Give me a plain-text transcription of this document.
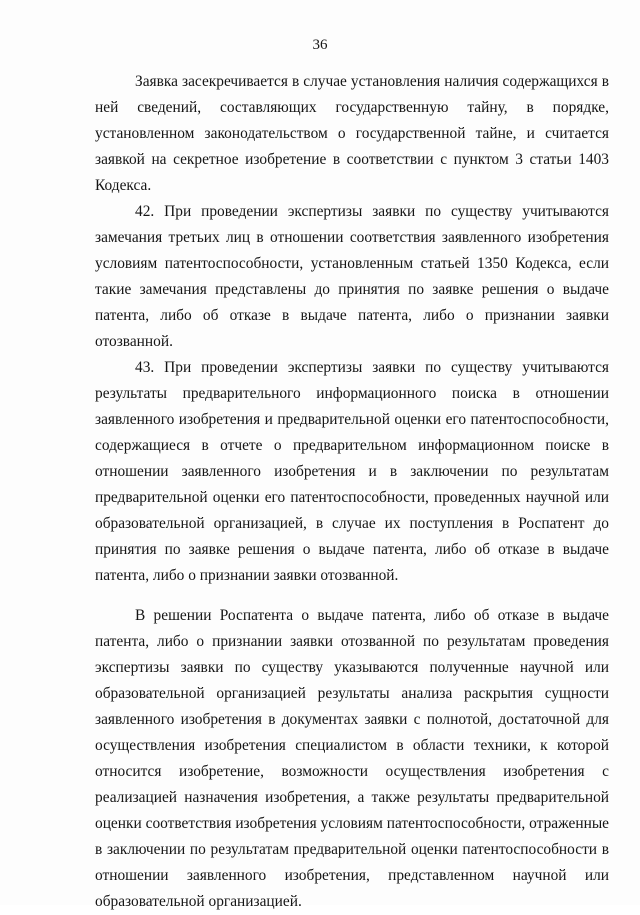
36

Заявка засекречивается в случае установления наличия содержащихся в ней сведений, составляющих государственную тайну, в порядке, установленном законодательством о государственной тайне, и считается заявкой на секретное изобретение в соответствии с пунктом 3 статьи 1403 Кодекса.

42. При проведении экспертизы заявки по существу учитываются замечания третьих лиц в отношении соответствия заявленного изобретения условиям патентоспособности, установленным статьей 1350 Кодекса, если такие замечания представлены до принятия по заявке решения о выдаче патента, либо об отказе в выдаче патента, либо о признании заявки отозванной.

43. При проведении экспертизы заявки по существу учитываются результаты предварительного информационного поиска в отношении заявленного изобретения и предварительной оценки его патентоспособности, содержащиеся в отчете о предварительном информационном поиске в отношении заявленного изобретения и в заключении по результатам предварительной оценки его патентоспособности, проведенных научной или образовательной организацией, в случае их поступления в Роспатент до принятия по заявке решения о выдаче патента, либо об отказе в выдаче патента, либо о признании заявки отозванной.

В решении Роспатента о выдаче патента, либо об отказе в выдаче патента, либо о признании заявки отозванной по результатам проведения экспертизы заявки по существу указываются полученные научной или образовательной организацией результаты анализа раскрытия сущности заявленного изобретения в документах заявки с полнотой, достаточной для осуществления изобретения специалистом в области техники, к которой относится изобретение, возможности осуществления изобретения с реализацией назначения изобретения, а также результаты предварительной оценки соответствия изобретения условиям патентоспособности, отраженные в заключении по результатам предварительной оценки патентоспособности в отношении заявленного изобретения, представленном научной или образовательной организацией.
